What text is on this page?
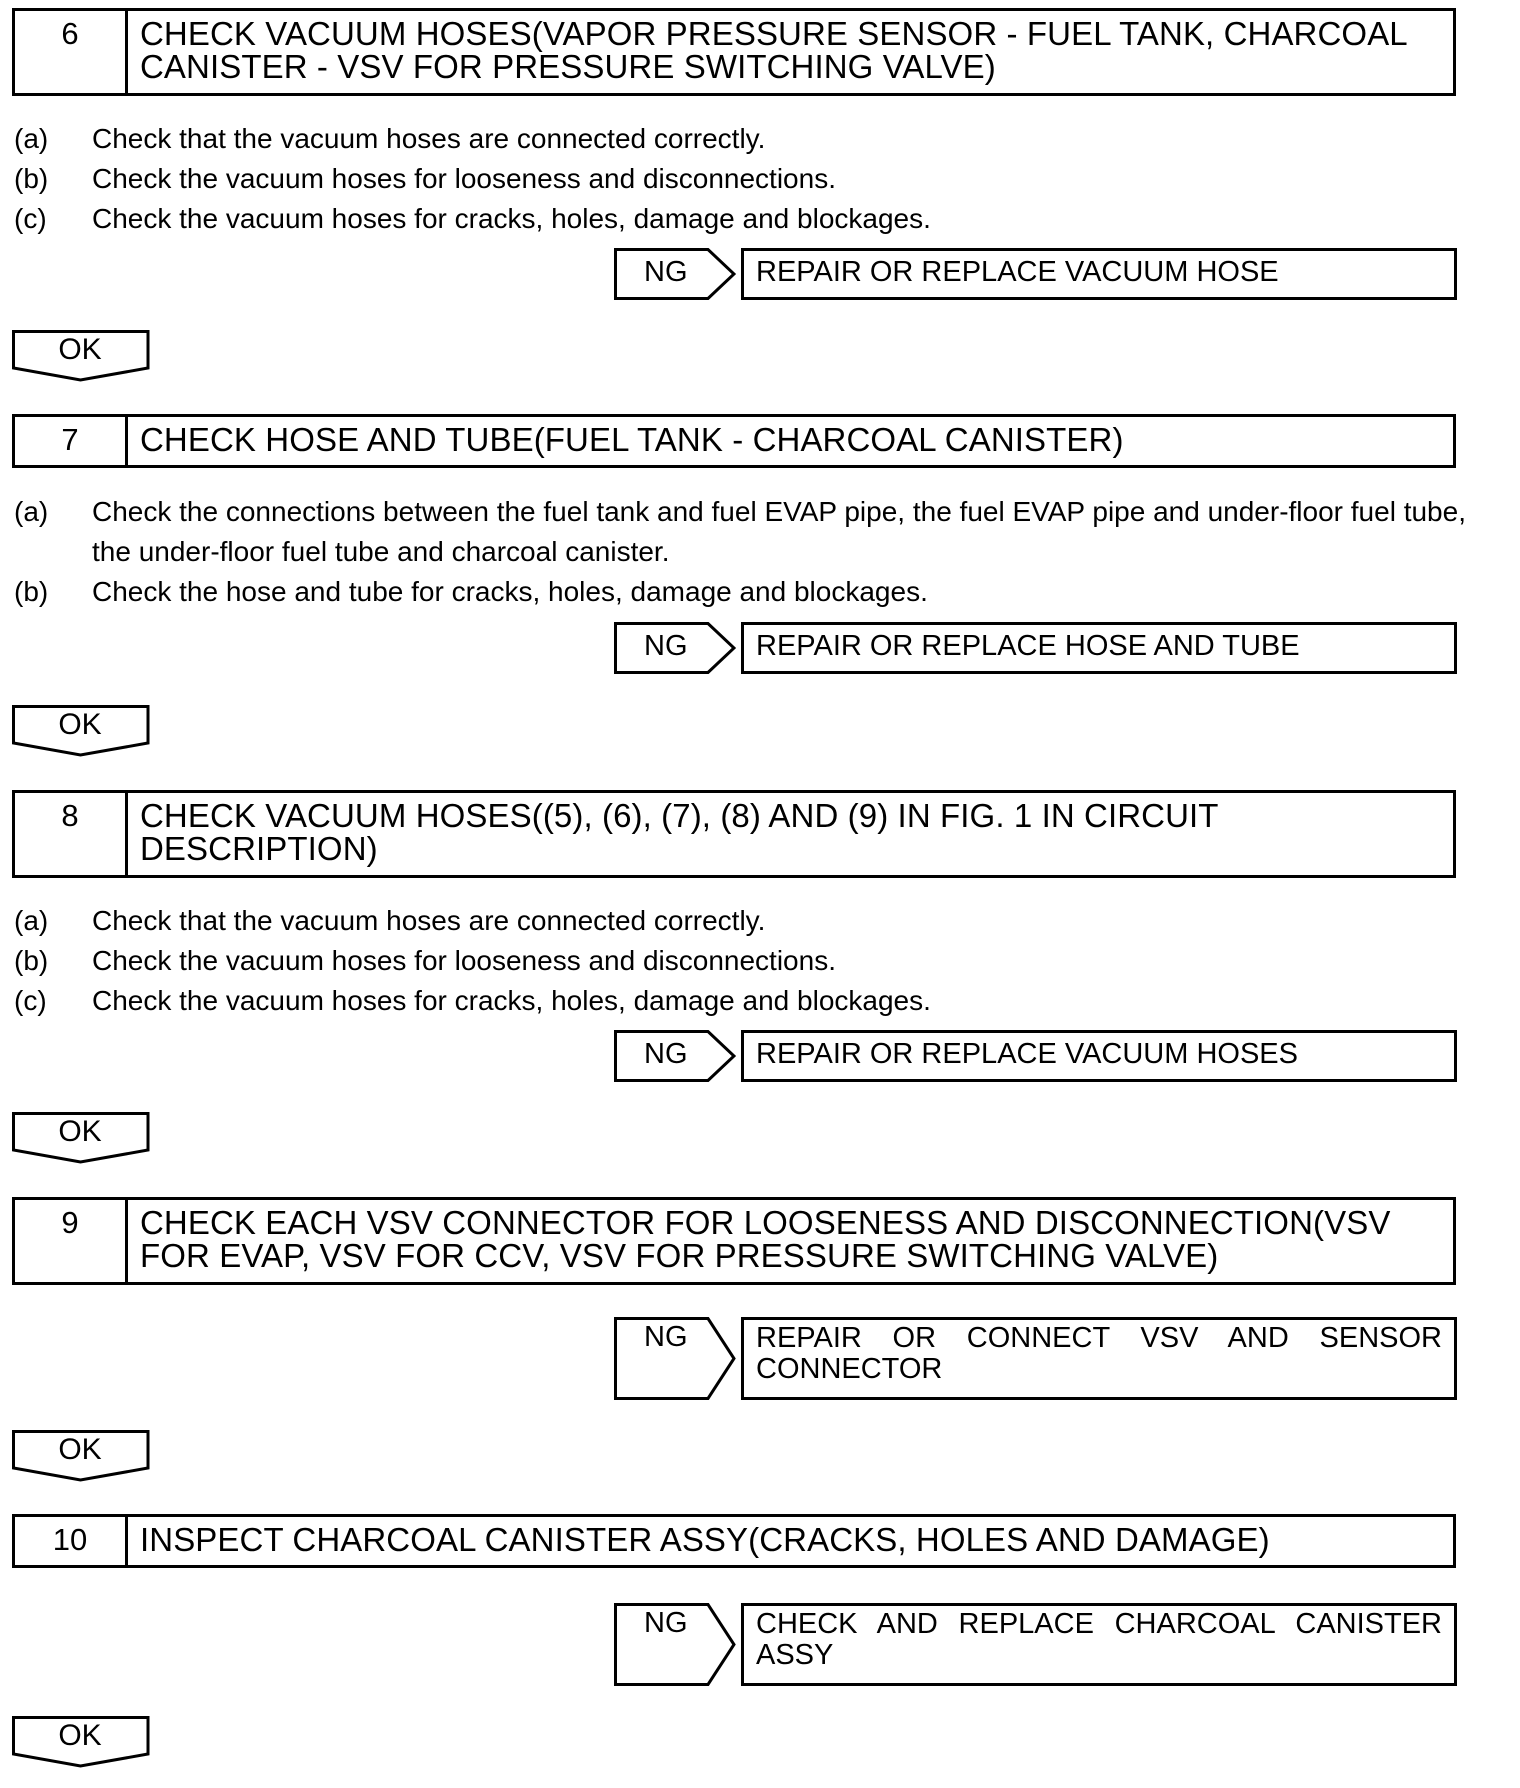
6	CHECK VACUUM HOSES(VAPOR PRESSURE SENSOR - FUEL TANK, CHARCOAL CANISTER - VSV FOR PRESSURE SWITCHING VALVE)
(a) Check that the vacuum hoses are connected correctly.
(b) Check the vacuum hoses for looseness and disconnections.
(c) Check the vacuum hoses for cracks, holes, damage and blockages.
NG	REPAIR OR REPLACE VACUUM HOSE
OK
7	CHECK HOSE AND TUBE(FUEL TANK - CHARCOAL CANISTER)
(a) Check the connections between the fuel tank and fuel EVAP pipe, the fuel EVAP pipe and under-floor fuel tube, the under-floor fuel tube and charcoal canister.
(b) Check the hose and tube for cracks, holes, damage and blockages.
NG	REPAIR OR REPLACE HOSE AND TUBE
OK
8	CHECK VACUUM HOSES((5), (6), (7), (8) AND (9) IN FIG. 1 IN CIRCUIT DESCRIPTION)
(a) Check that the vacuum hoses are connected correctly.
(b) Check the vacuum hoses for looseness and disconnections.
(c) Check the vacuum hoses for cracks, holes, damage and blockages.
NG	REPAIR OR REPLACE VACUUM HOSES
OK
9	CHECK EACH VSV CONNECTOR FOR LOOSENESS AND DISCONNECTION(VSV FOR EVAP, VSV FOR CCV, VSV FOR PRESSURE SWITCHING VALVE)
NG	REPAIR OR CONNECT VSV AND SENSOR CONNECTOR
OK
10	INSPECT CHARCOAL CANISTER ASSY(CRACKS, HOLES AND DAMAGE)
NG	CHECK AND REPLACE CHARCOAL CANISTER ASSY
OK
